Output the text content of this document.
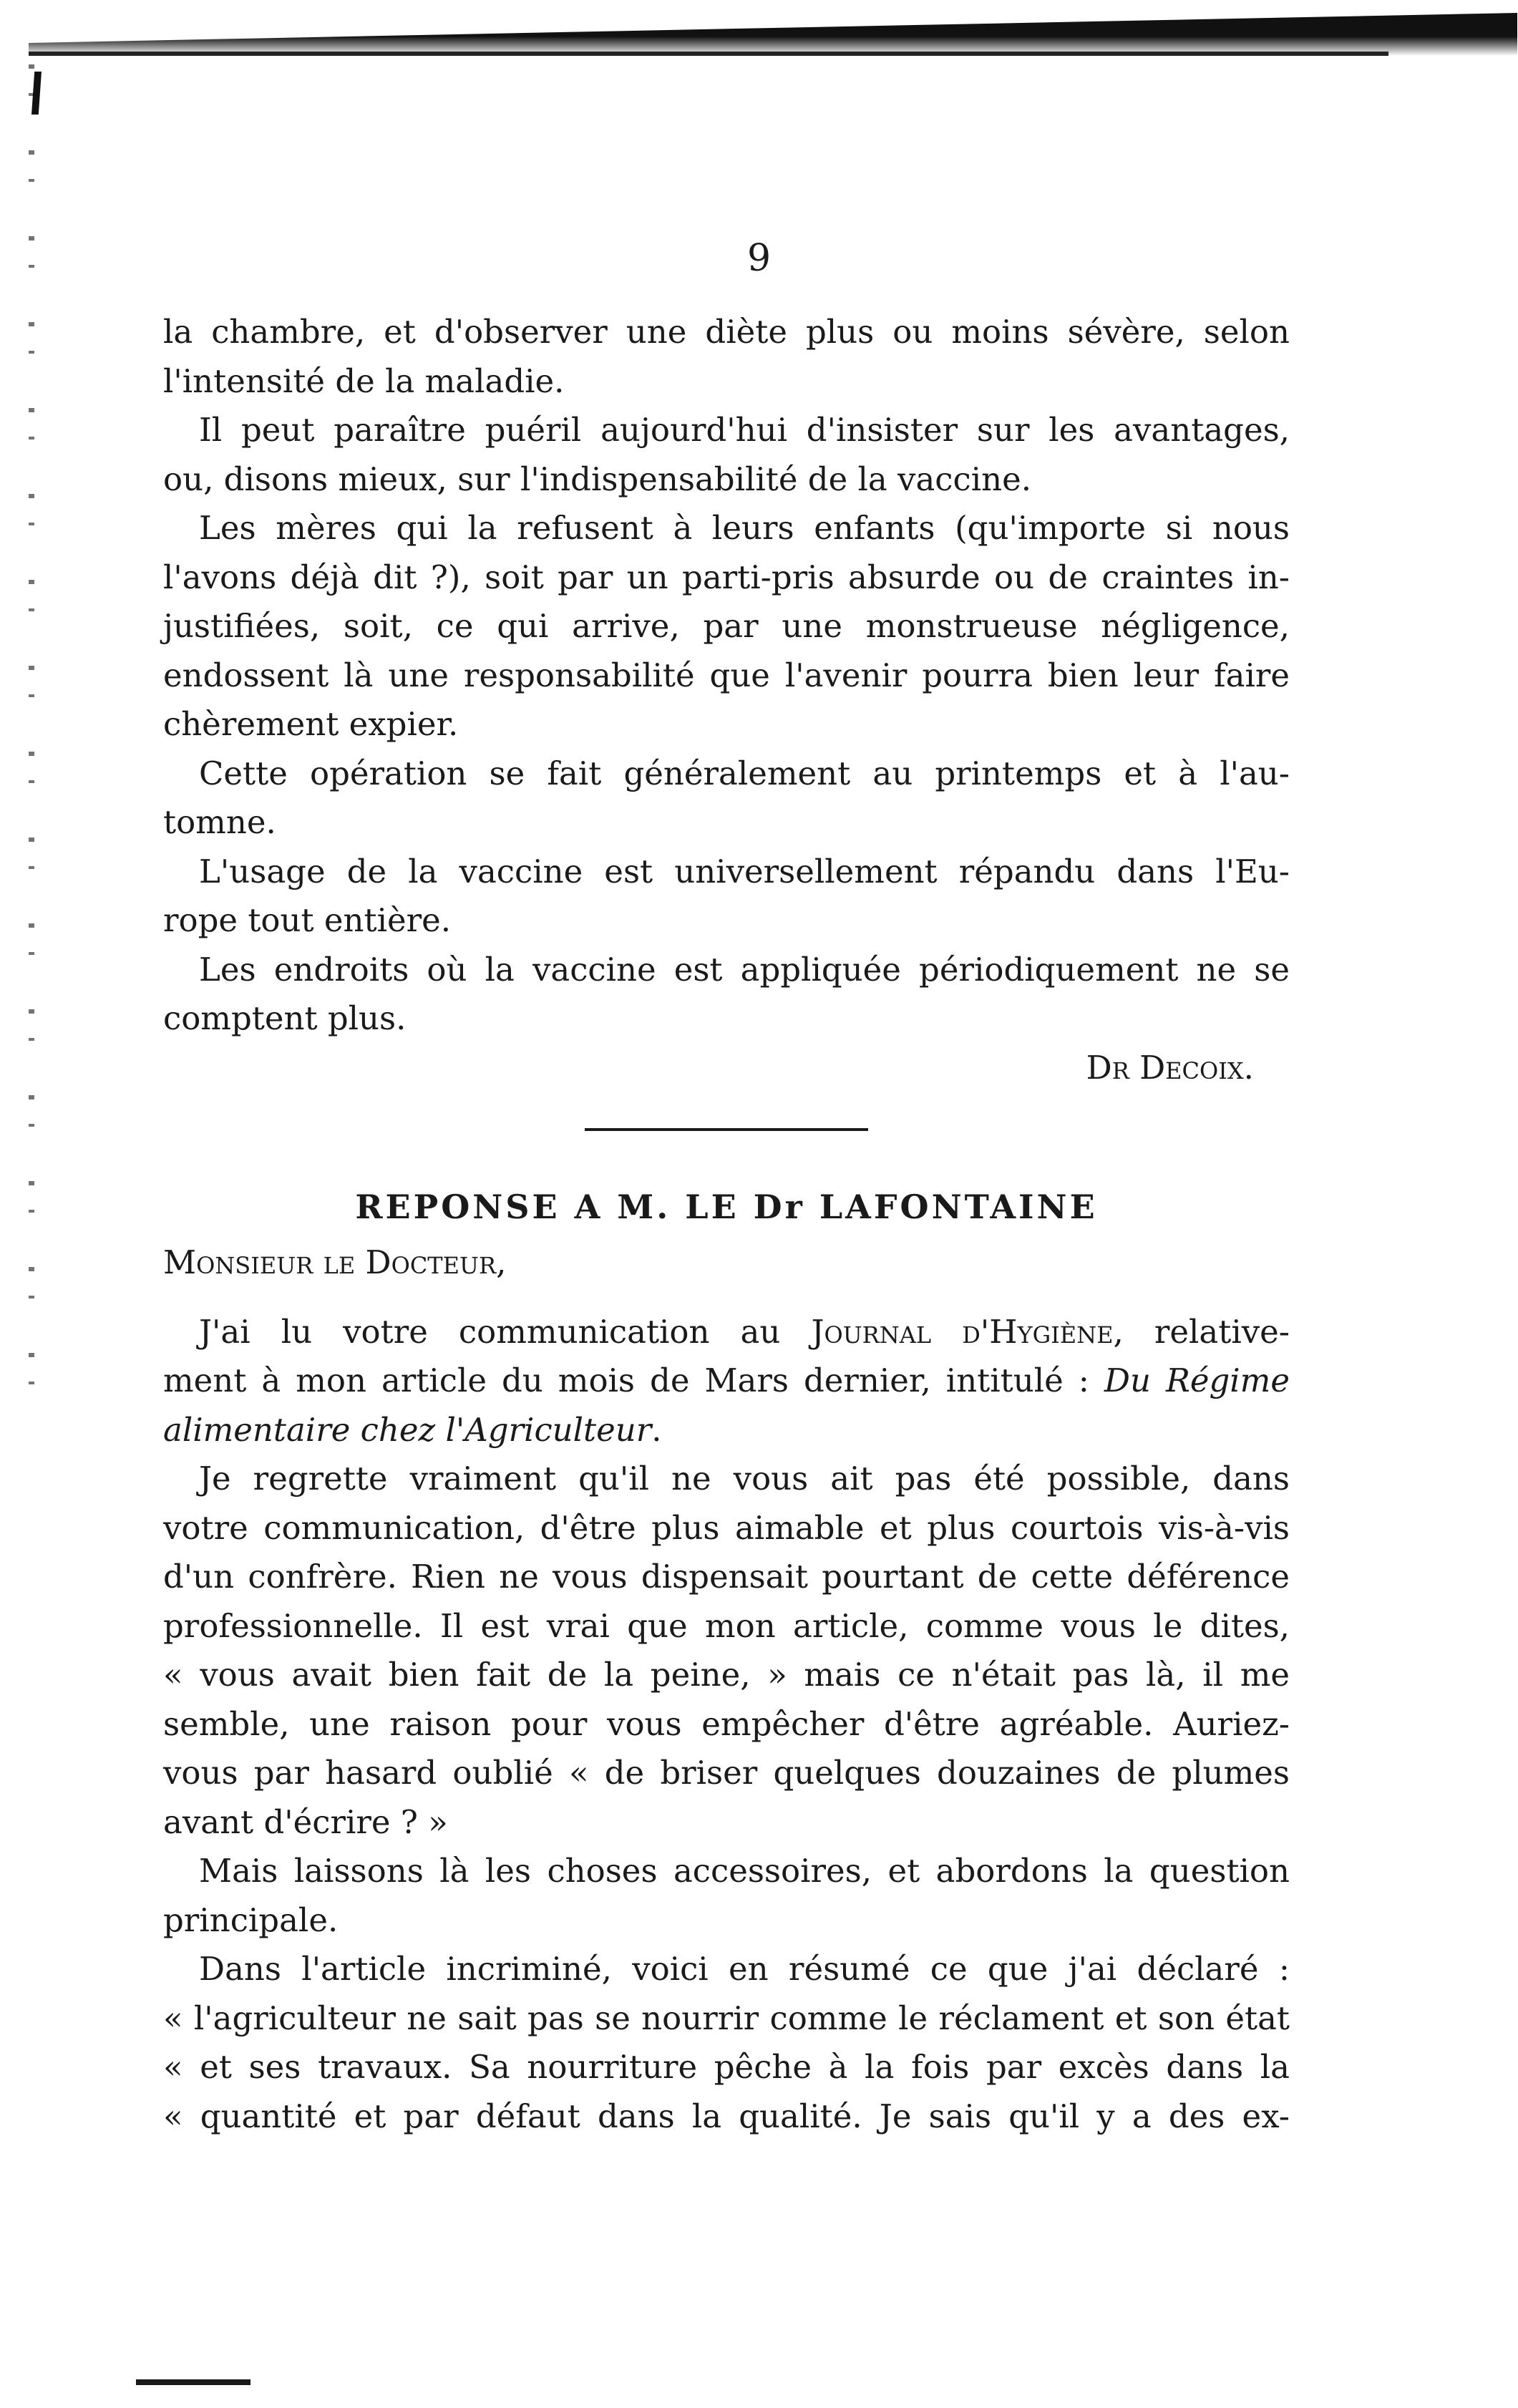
9
la chambre, et d'observer une diète plus ou moins sévère, selon
l'intensité de la maladie.
Il peut paraître puéril aujourd'hui d'insister sur les avantages,
ou, disons mieux, sur l'indispensabilité de la vaccine.
Les mères qui la refusent à leurs enfants (qu'importe si nous
l'avons déjà dit ?), soit par un parti-pris absurde ou de craintes in-
justifiées, soit, ce qui arrive, par une monstrueuse négligence,
endossent là une responsabilité que l'avenir pourra bien leur faire
chèrement expier.
Cette opération se fait généralement au printemps et à l'au-
tomne.
L'usage de la vaccine est universellement répandu dans l'Eu-
rope tout entière.
Les endroits où la vaccine est appliquée périodiquement ne se
comptent plus.
Dr Decoix.
REPONSE A M. LE Dr LAFONTAINE
Monsieur le Docteur,
J'ai lu votre communication au Journal d'Hygiène, relative-
ment à mon article du mois de Mars dernier, intitulé : Du Régime
alimentaire chez l'Agriculteur.
Je regrette vraiment qu'il ne vous ait pas été possible, dans
votre communication, d'être plus aimable et plus courtois vis-à-vis
d'un confrère. Rien ne vous dispensait pourtant de cette déférence
professionnelle. Il est vrai que mon article, comme vous le dites,
« vous avait bien fait de la peine, » mais ce n'était pas là, il me
semble, une raison pour vous empêcher d'être agréable. Auriez-
vous par hasard oublié « de briser quelques douzaines de plumes
avant d'écrire ? »
Mais laissons là les choses accessoires, et abordons la question
principale.
Dans l'article incriminé, voici en résumé ce que j'ai déclaré :
« l'agriculteur ne sait pas se nourrir comme le réclament et son état
« et ses travaux. Sa nourriture pêche à la fois par excès dans la
« quantité et par défaut dans la qualité. Je sais qu'il y a des ex-
